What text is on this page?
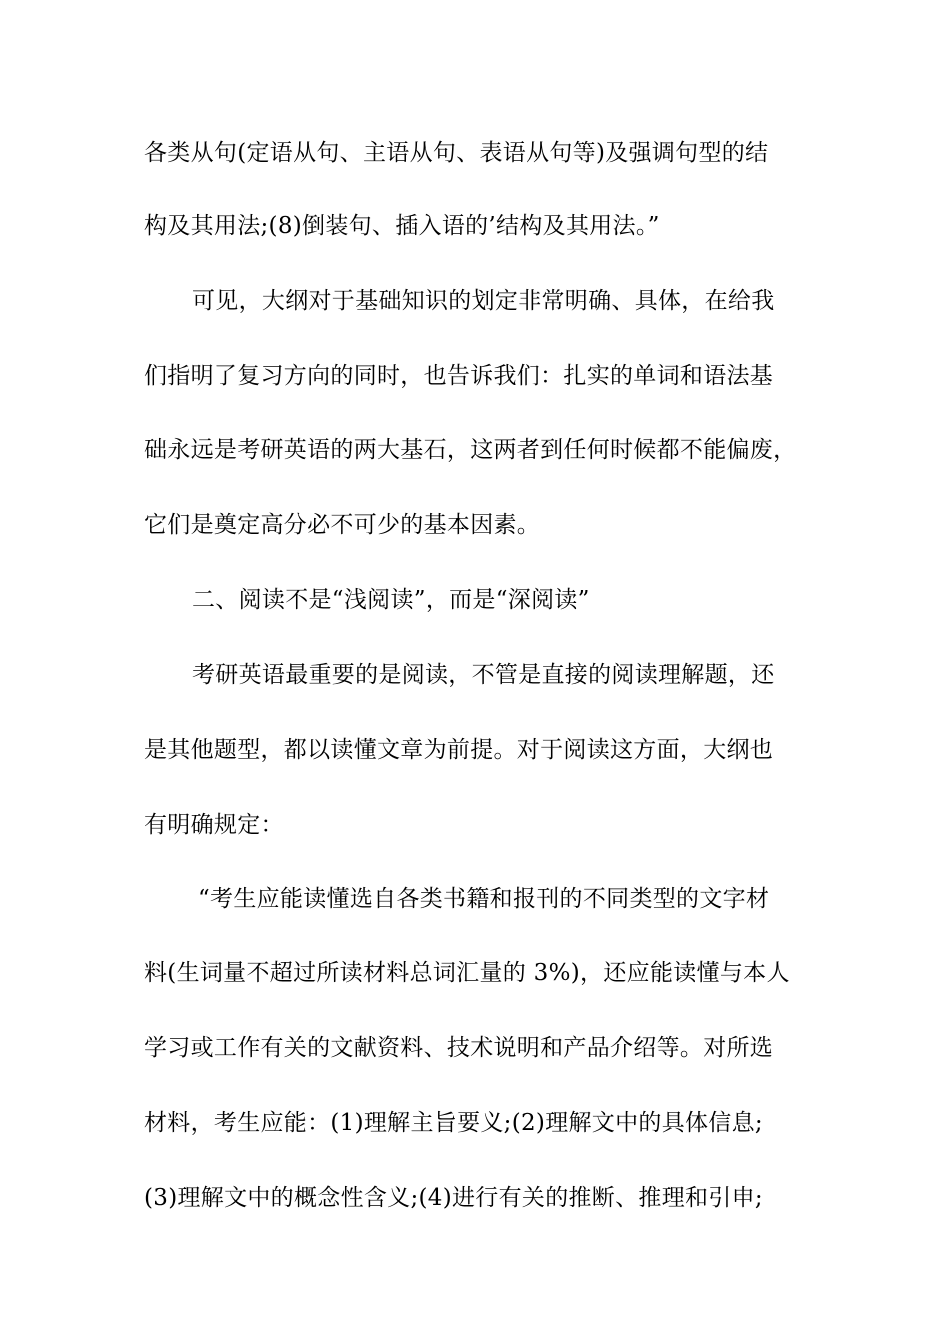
各类从句(定语从句、主语从句、表语从句等)及强调句型的结
构及其用法;(8)倒装句、插入语的’结构及其用法。”
可见，大纲对于基础知识的划定非常明确、具体，在给我
们指明了复习方向的同时，也告诉我们：扎实的单词和语法基
础永远是考研英语的两大基石，这两者到任何时候都不能偏废，
它们是奠定高分必不可少的基本因素。
二、阅读不是“浅阅读”，而是“深阅读”
考研英语最重要的是阅读，不管是直接的阅读理解题，还
是其他题型，都以读懂文章为前提。对于阅读这方面，大纲也
有明确规定：
“考生应能读懂选自各类书籍和报刊的不同类型的文字材
料(生词量不超过所读材料总词汇量的 3%)，还应能读懂与本人
学习或工作有关的文献资料、技术说明和产品介绍等。对所选
材料，考生应能：(1)理解主旨要义;(2)理解文中的具体信息;
(3)理解文中的概念性含义;(4)进行有关的推断、推理和引申;
